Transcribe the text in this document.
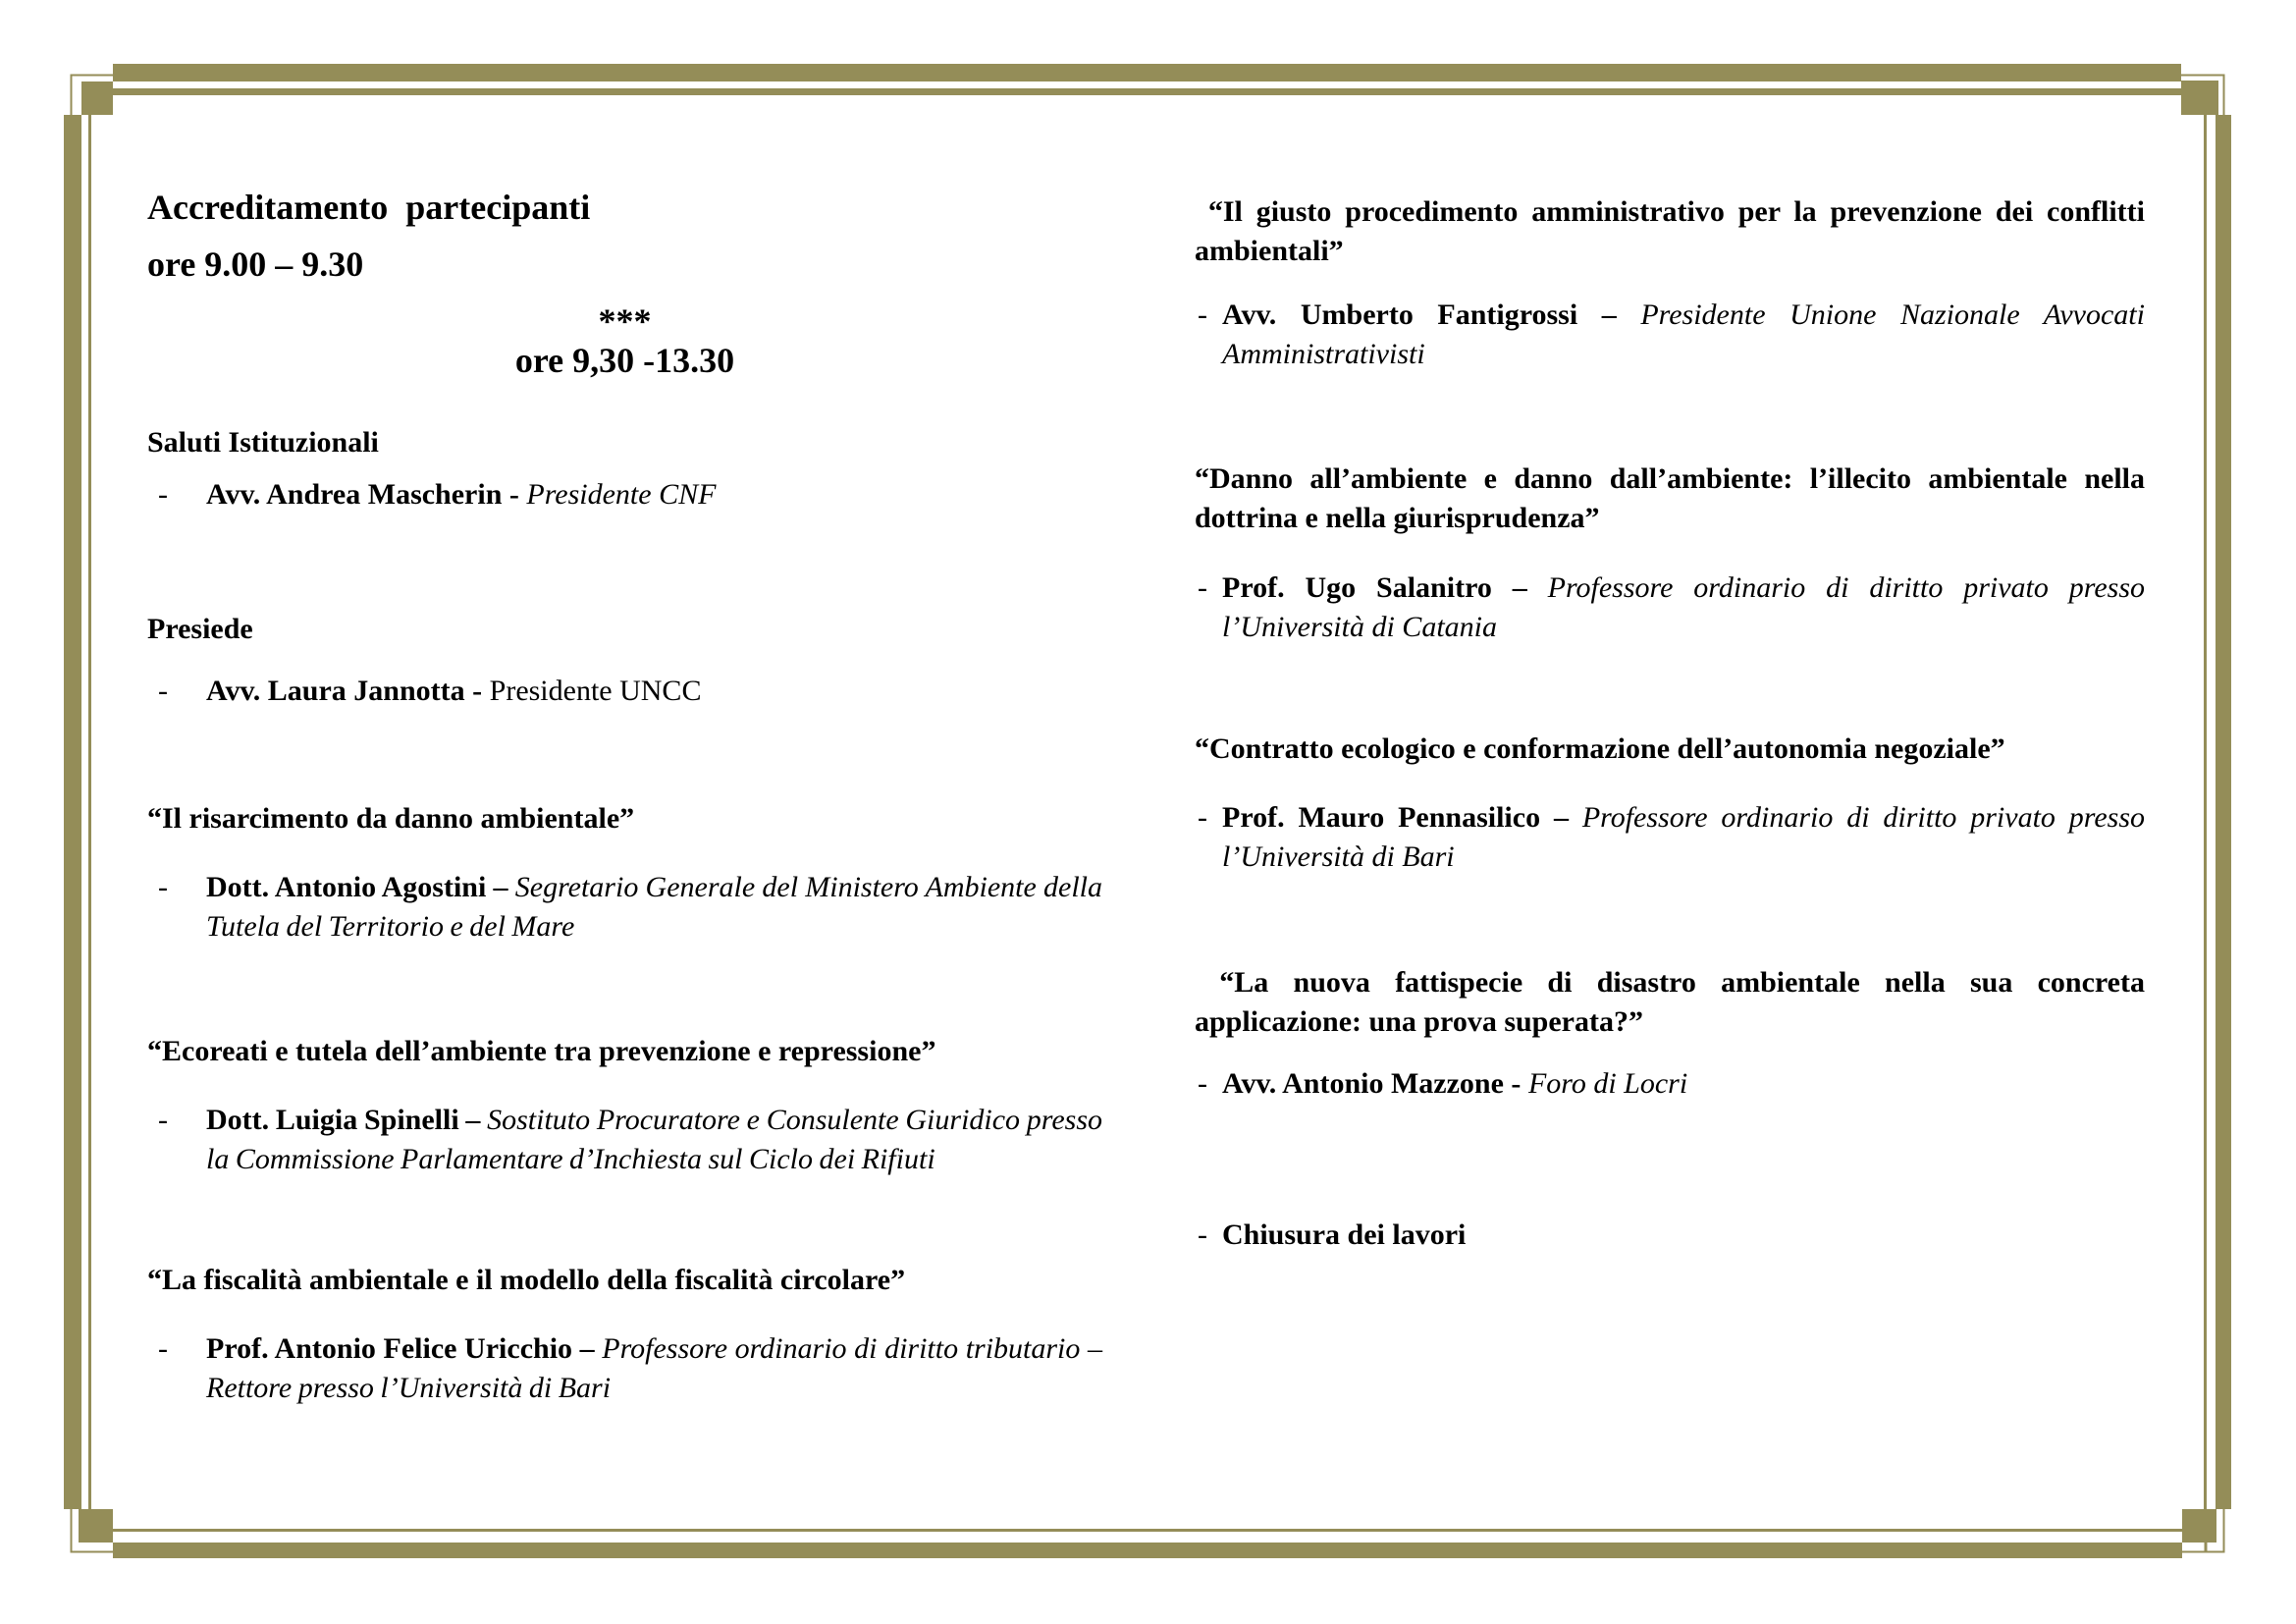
Accreditamento  partecipanti
ore 9.00 – 9.30
***
ore 9,30 -13.30
Saluti Istituzionali
- Avv. Andrea Mascherin - Presidente CNF
Presiede
- Avv. Laura Jannotta - Presidente UNCC
“Il risarcimento da danno ambientale”
- Dott. Antonio Agostini – Segretario Generale del Ministero Ambiente della Tutela del Territorio e del Mare
“Ecoreati e tutela dell’ambiente tra prevenzione e repressione”
- Dott. Luigia Spinelli – Sostituto Procuratore e Consulente Giuridico presso la Commissione Parlamentare d’Inchiesta sul Ciclo dei Rifiuti
“La fiscalità ambientale e il modello della fiscalità circolare”
- Prof. Antonio Felice Uricchio – Professore ordinario di diritto tributario – Rettore presso l’Università di Bari
“Il giusto procedimento amministrativo per la prevenzione dei conflitti ambientali”
- Avv. Umberto Fantigrossi – Presidente Unione Nazionale Avvocati Amministrativisti
“Danno all’ambiente e danno dall’ambiente: l’illecito ambientale nella dottrina e nella giurisprudenza”
- Prof. Ugo Salanitro – Professore ordinario di diritto privato presso l’Università di Catania
“Contratto ecologico e conformazione dell’autonomia negoziale”
- Prof. Mauro Pennasilico – Professore ordinario di diritto privato presso l’Università di Bari
“La nuova fattispecie di disastro ambientale nella sua concreta applicazione: una prova superata?”
- Avv. Antonio Mazzone - Foro di Locri
- Chiusura dei lavori
